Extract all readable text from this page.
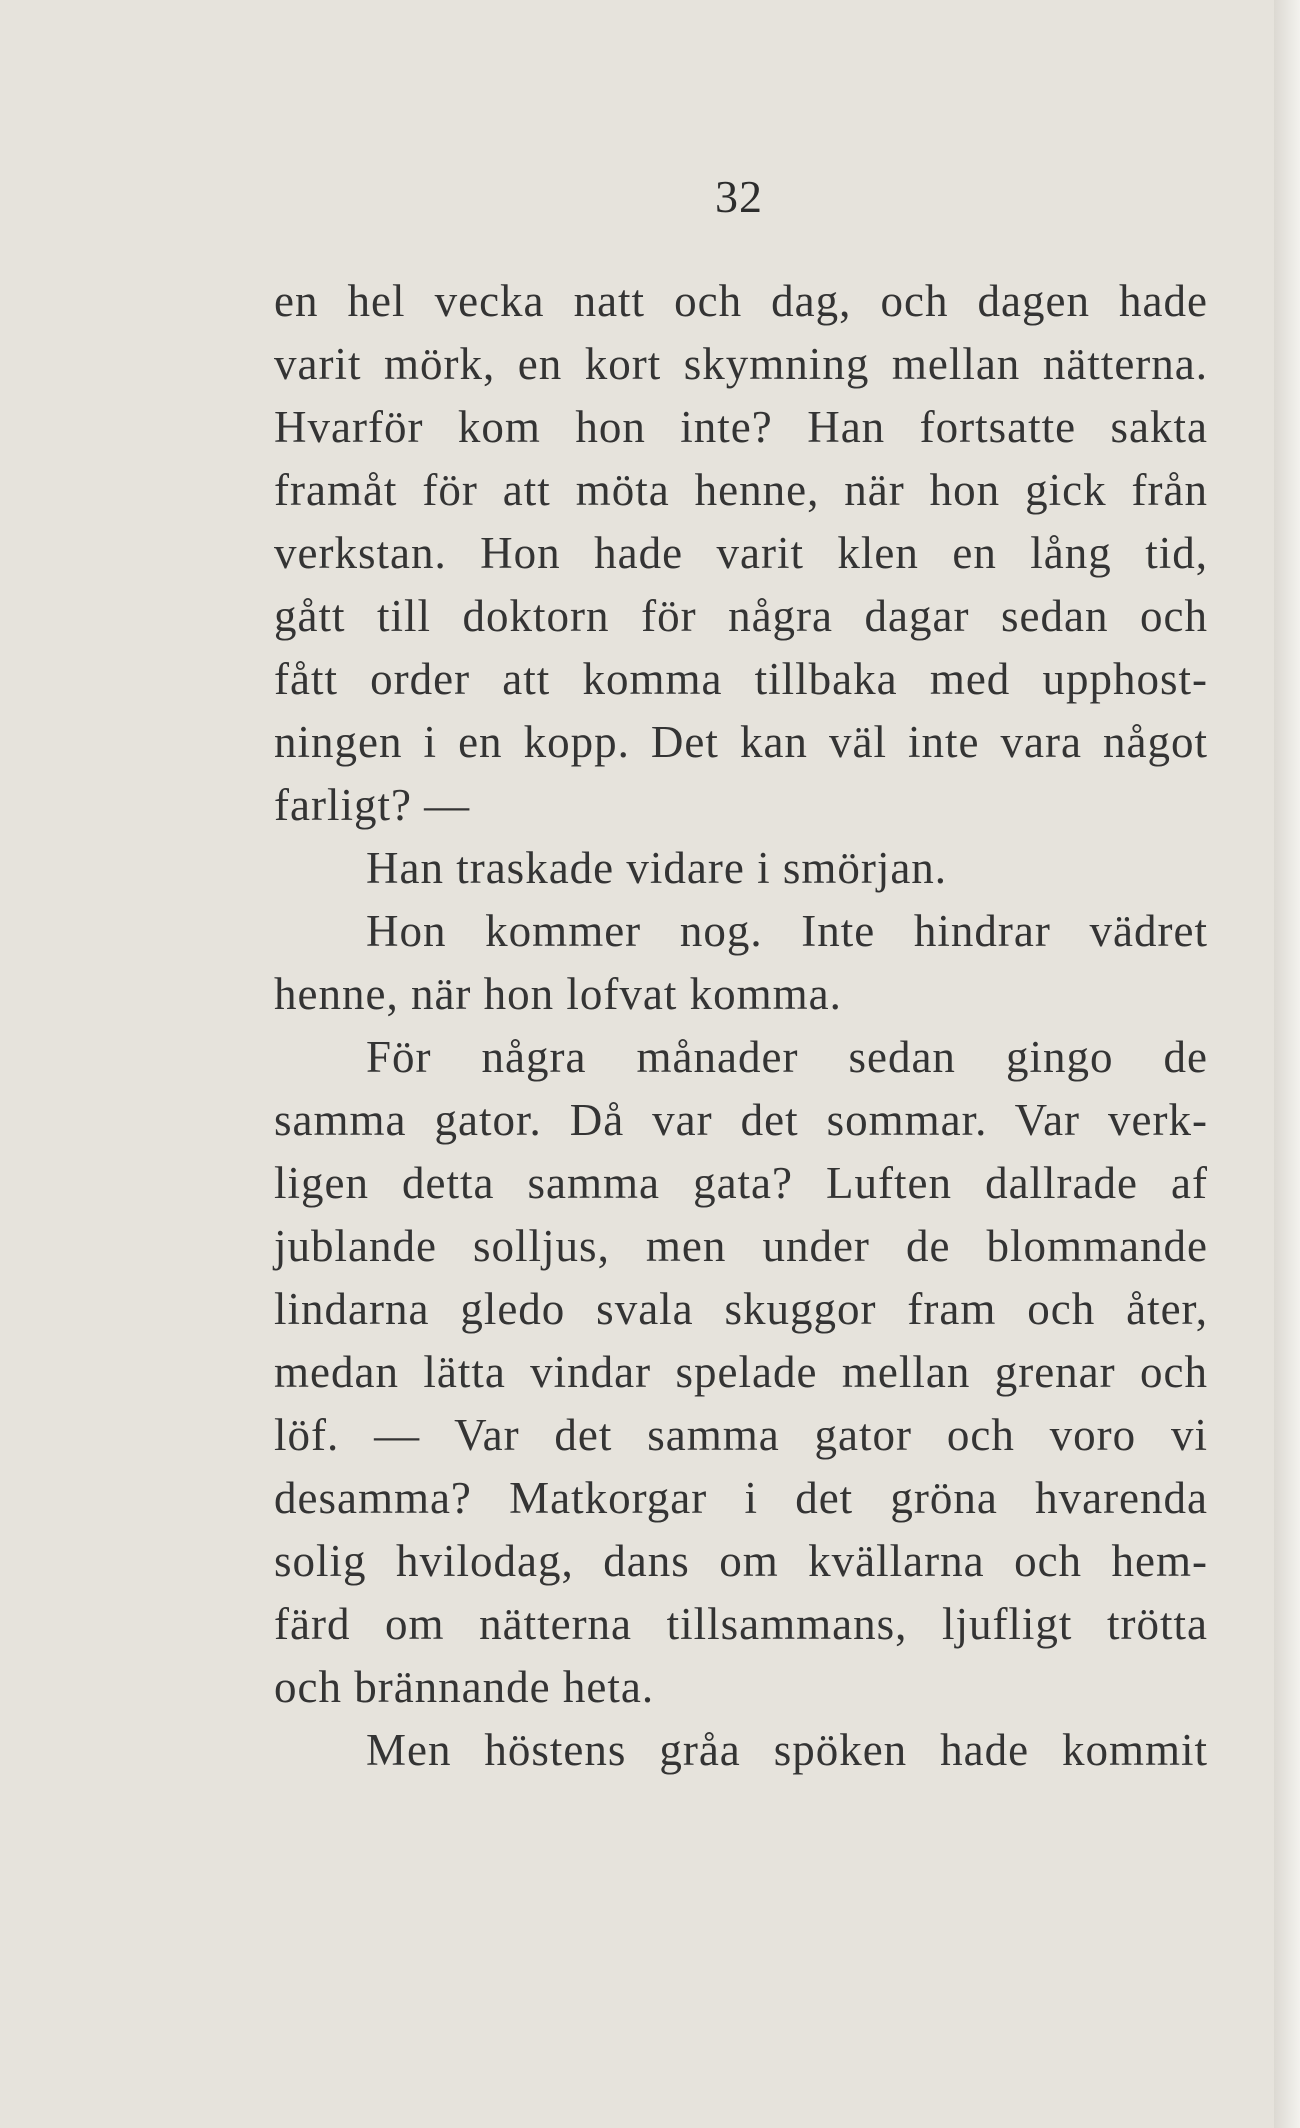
32
en hel vecka natt och dag, och dagen hade
varit mörk, en kort skymning mellan nätterna.
Hvarför kom hon inte? Han fortsatte sakta
framåt för att möta henne, när hon gick från
verkstan. Hon hade varit klen en lång tid,
gått till doktorn för några dagar sedan och
fått order att komma tillbaka med upphost-
ningen i en kopp. Det kan väl inte vara något
farligt? —
Han traskade vidare i smörjan.
Hon kommer nog. Inte hindrar vädret
henne, när hon lofvat komma.
För några månader sedan gingo de
samma gator. Då var det sommar. Var verk-
ligen detta samma gata? Luften dallrade af
jublande solljus, men under de blommande
lindarna gledo svala skuggor fram och åter,
medan lätta vindar spelade mellan grenar och
löf. — Var det samma gator och voro vi
desamma? Matkorgar i det gröna hvarenda
solig hvilodag, dans om kvällarna och hem-
färd om nätterna tillsammans, ljufligt trötta
och brännande heta.
Men höstens gråa spöken hade kommit
